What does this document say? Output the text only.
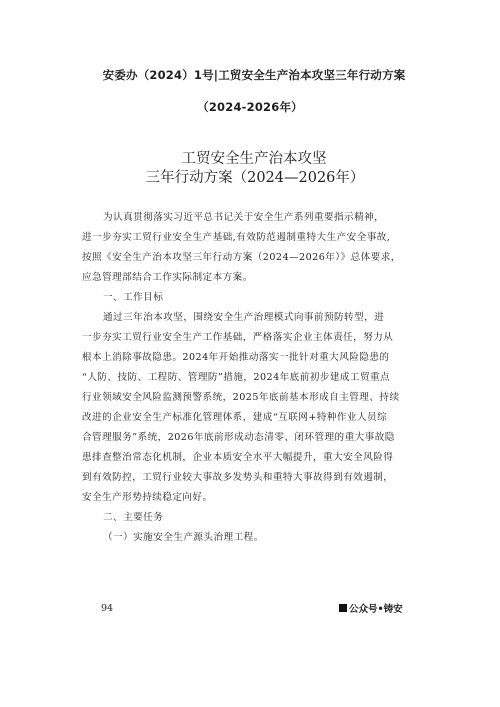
安委办（2024）1号|工贸安全生产治本攻坚三年行动方案
（2024-2026年）
工贸安全生产治本攻坚
三年行动方案（2024—2026年）
为认真贯彻落实习近平总书记关于安全生产系列重要指示精神，
进一步夯实工贸行业安全生产基础,有效防范遏制重特大生产安全事故,
按照《安全生产治本攻坚三年行动方案（2024—2026年）》总体要求，
应急管理部结合工作实际制定本方案。
一、工作目标
通过三年治本攻坚，围绕安全生产治理模式向事前预防转型，进
一步夯实工贸行业安全生产工作基础，严格落实企业主体责任，努力从
根本上消除事故隐患。2024年开始推动落实一批针对重大风险隐患的
“人防、技防、工程防、管理防”措施，2024年底前初步建成工贸重点
行业领域安全风险监测预警系统，2025年底前基本形成自主管理、持续
改进的企业安全生产标准化管理体系，建成“互联网+特种作业人员综
合管理服务”系统，2026年底前形成动态清零、闭环管理的重大事故隐
患排查整治常态化机制，企业本质安全水平大幅提升，重大安全风险得
到有效防控，工贸行业较大事故多发势头和重特大事故得到有效遏制，
安全生产形势持续稳定向好。
二、主要任务
（一）实施安全生产源头治理工程。
94	公众号•铸安
